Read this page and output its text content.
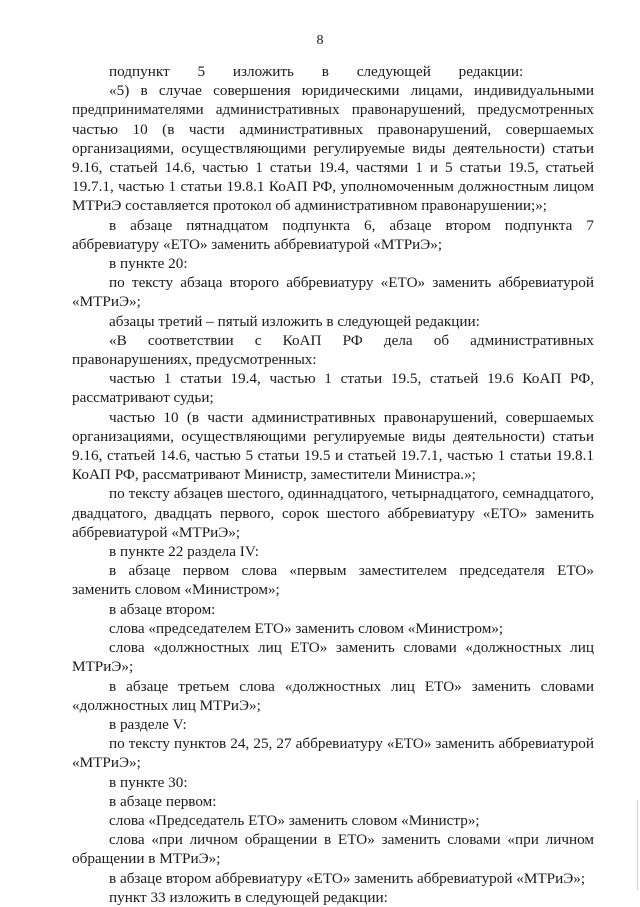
8

подпункт 5 изложить в следующей редакции:

«5) в случае совершения юридическими лицами, индивидуальными предпринимателями административных правонарушений, предусмотренных частью 10 (в части административных правонарушений, совершаемых организациями, осуществляющими регулируемые виды деятельности) статьи 9.16, статьей 14.6, частью 1 статьи 19.4, частями 1 и 5 статьи 19.5, статьей 19.7.1, частью 1 статьи 19.8.1 КоАП РФ, уполномоченным должностным лицом МТРиЭ составляется протокол об административном правонарушении;»;

в абзаце пятнадцатом подпункта 6, абзаце втором подпункта 7 аббревиатуру «ЕТО» заменить аббревиатурой «МТРиЭ»;

в пункте 20:

по тексту абзаца второго аббревиатуру «ЕТО» заменить аббревиатурой «МТРиЭ»;

абзацы третий – пятый изложить в следующей редакции:

«В соответствии с КоАП РФ дела об административных правонарушениях, предусмотренных:

частью 1 статьи 19.4, частью 1 статьи 19.5, статьей 19.6 КоАП РФ, рассматривают судьи;

частью 10 (в части административных правонарушений, совершаемых организациями, осуществляющими регулируемые виды деятельности) статьи 9.16, статьей 14.6, частью 5 статьи 19.5 и статьей 19.7.1, частью 1 статьи 19.8.1 КоАП РФ, рассматривают Министр, заместители Министра.»;

по тексту абзацев шестого, одиннадцатого, четырнадцатого, семнадцатого, двадцатого, двадцать первого, сорок шестого аббревиатуру «ЕТО» заменить аббревиатурой «МТРиЭ»;

в пункте 22 раздела IV:

в абзаце первом слова «первым заместителем председателя ЕТО» заменить словом «Министром»;

в абзаце втором:

слова «председателем ЕТО» заменить словом «Министром»;

слова «должностных лиц ЕТО» заменить словами «должностных лиц МТРиЭ»;

в абзаце третьем слова «должностных лиц ЕТО» заменить словами «должностных лиц МТРиЭ»;

в разделе V:

по тексту пунктов 24, 25, 27 аббревиатуру «ЕТО» заменить аббревиатурой «МТРиЭ»;

в пункте 30:

в абзаце первом:

слова «Председатель ЕТО» заменить словом «Министр»;

слова «при личном обращении в ЕТО» заменить словами «при личном обращении в МТРиЭ»;

в абзаце втором аббревиатуру «ЕТО» заменить аббревиатурой «МТРиЭ»;

пункт 33 изложить в следующей редакции:
